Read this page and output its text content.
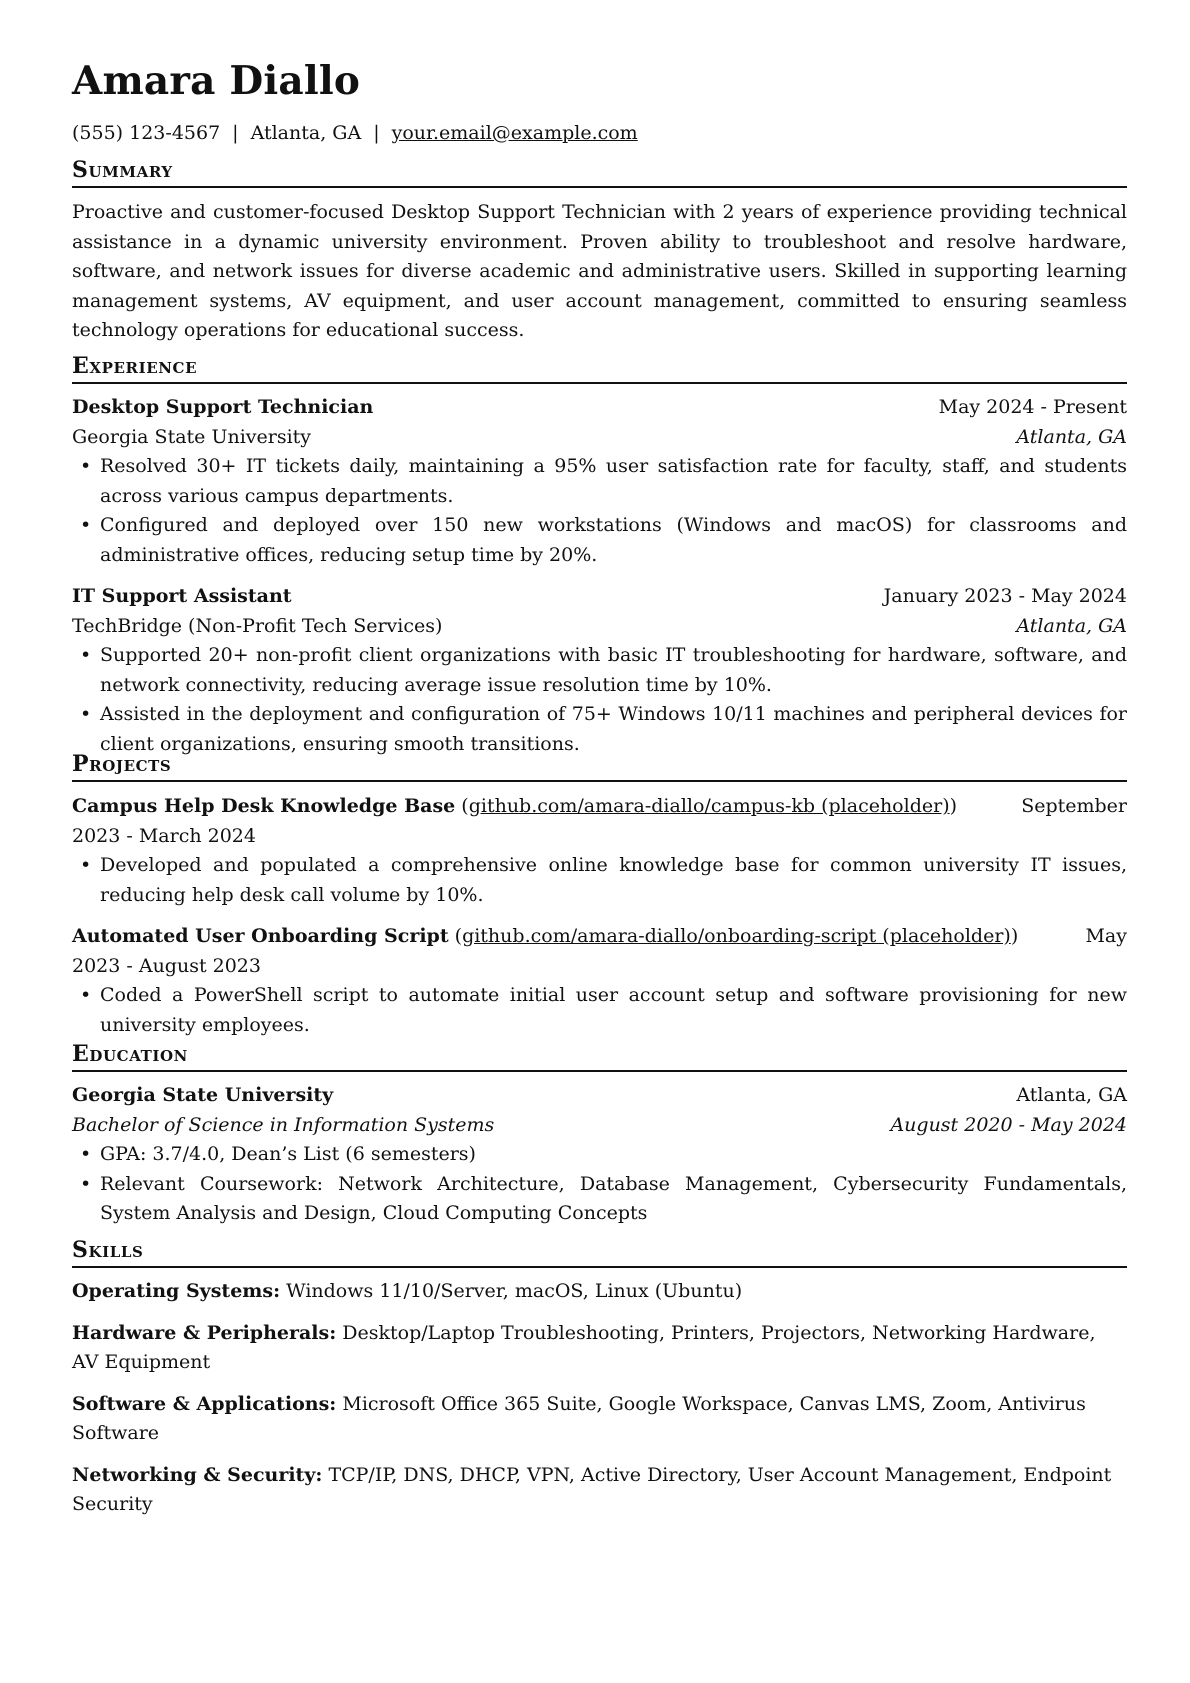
Amara Diallo
(555) 123-4567 | Atlanta, GA | your.email@example.com
Summary
Proactive and customer-focused Desktop Support Technician with 2 years of experience providing technical assistance in a dynamic university environment. Proven ability to troubleshoot and resolve hardware, software, and network issues for diverse academic and administrative users. Skilled in supporting learning management systems, AV equipment, and user account management, committed to ensuring seamless technology operations for educational success.
Experience
Desktop Support Technician	May 2024 - Present
Georgia State University	Atlanta, GA
• Resolved 30+ IT tickets daily, maintaining a 95% user satisfaction rate for faculty, staff, and students across various campus departments.
• Configured and deployed over 150 new workstations (Windows and macOS) for classrooms and administrative offices, reducing setup time by 20%.
IT Support Assistant	January 2023 - May 2024
TechBridge (Non-Profit Tech Services)	Atlanta, GA
• Supported 20+ non-profit client organizations with basic IT troubleshooting for hardware, software, and network connectivity, reducing average issue resolution time by 10%.
• Assisted in the deployment and configuration of 75+ Windows 10/11 machines and peripheral devices for client organizations, ensuring smooth transitions.
Projects
Campus Help Desk Knowledge Base (github.com/amara-diallo/campus-kb (placeholder))	September
2023 - March 2024
• Developed and populated a comprehensive online knowledge base for common university IT issues, reducing help desk call volume by 10%.
Automated User Onboarding Script (github.com/amara-diallo/onboarding-script (placeholder))	May
2023 - August 2023
• Coded a PowerShell script to automate initial user account setup and software provisioning for new university employees.
Education
Georgia State University	Atlanta, GA
Bachelor of Science in Information Systems	August 2020 - May 2024
• GPA: 3.7/4.0, Dean’s List (6 semesters)
• Relevant Coursework: Network Architecture, Database Management, Cybersecurity Fundamentals, System Analysis and Design, Cloud Computing Concepts
Skills
Operating Systems: Windows 11/10/Server, macOS, Linux (Ubuntu)
Hardware & Peripherals: Desktop/Laptop Troubleshooting, Printers, Projectors, Networking Hardware, AV Equipment
Software & Applications: Microsoft Office 365 Suite, Google Workspace, Canvas LMS, Zoom, Antivirus Software
Networking & Security: TCP/IP, DNS, DHCP, VPN, Active Directory, User Account Management, Endpoint Security
